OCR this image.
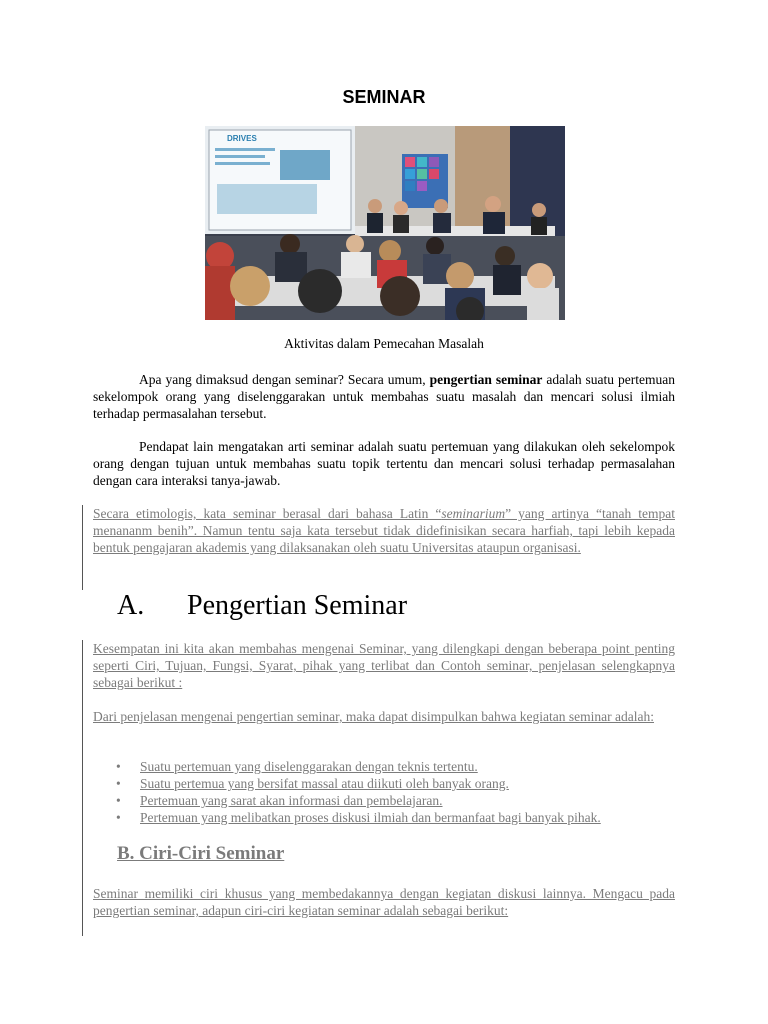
SEMINAR
DRIVES
Aktivitas dalam Pemecahan Masalah
Apa yang dimaksud dengan seminar? Secara umum, pengertian seminar adalah suatu pertemuan sekelompok orang yang diselenggarakan untuk membahas suatu masalah dan mencari solusi ilmiah terhadap permasalahan tersebut.
Pendapat lain mengatakan arti seminar adalah suatu pertemuan yang dilakukan oleh sekelompok orang dengan tujuan untuk membahas suatu topik tertentu dan mencari solusi terhadap permasalahan dengan cara interaksi tanya-jawab.
Secara etimologis, kata seminar berasal dari bahasa Latin “seminarium” yang artinya “tanah tempat menananm benih”. Namun tentu saja kata tersebut tidak didefinisikan secara harfiah, tapi lebih kepada bentuk pengajaran akademis yang dilaksanakan oleh suatu Universitas ataupun organisasi.
A. Pengertian Seminar
Kesempatan ini kita akan membahas mengenai Seminar, yang dilengkapi dengan beberapa point penting seperti Ciri, Tujuan, Fungsi, Syarat, pihak yang terlibat dan Contoh seminar, penjelasan selengkapnya sebagai berikut :
Dari penjelasan mengenai pengertian seminar, maka dapat disimpulkan bahwa kegiatan seminar adalah:
• Suatu pertemuan yang diselenggarakan dengan teknis tertentu.
• Suatu pertemua yang bersifat massal atau diikuti oleh banyak orang.
• Pertemuan yang sarat akan informasi dan pembelajaran.
• Pertemuan yang melibatkan proses diskusi ilmiah dan bermanfaat bagi banyak pihak.
B. Ciri-Ciri Seminar
Seminar memiliki ciri khusus yang membedakannya dengan kegiatan diskusi lainnya. Mengacu pada pengertian seminar, adapun ciri-ciri kegiatan seminar adalah sebagai berikut:
